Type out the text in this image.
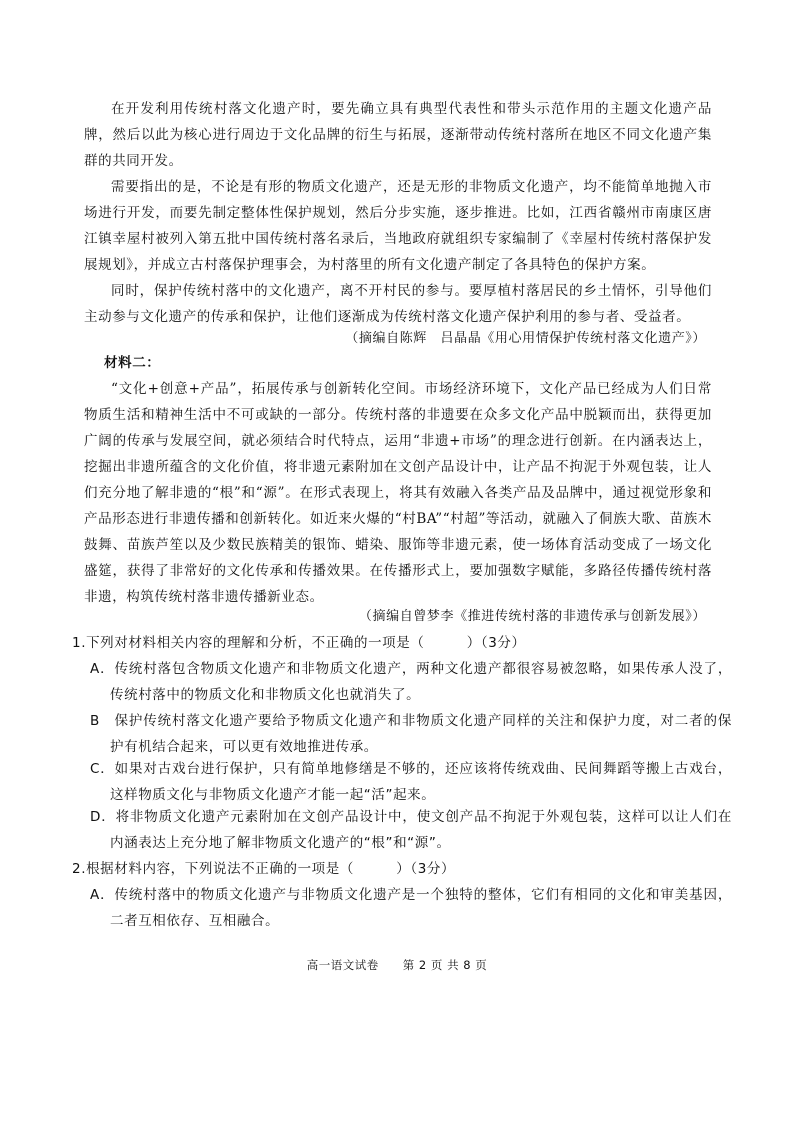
在开发利用传统村落文化遗产时，要先确立具有典型代表性和带头示范作用的主题文化遗产品牌，然后以此为核心进行周边于文化品牌的衍生与拓展，逐渐带动传统村落所在地区不同文化遗产集群的共同开发。
需要指出的是，不论是有形的物质文化遗产，还是无形的非物质文化遗产，均不能简单地抛入市场进行开发，而要先制定整体性保护规划，然后分步实施，逐步推进。比如，江西省赣州市南康区唐江镇幸屋村被列入第五批中国传统村落名录后，当地政府就组织专家编制了《幸屋村传统村落保护发展规划》，并成立古村落保护理事会，为村落里的所有文化遗产制定了各具特色的保护方案。
同时，保护传统村落中的文化遗产，离不开村民的参与。要厚植村落居民的乡土情怀，引导他们主动参与文化遗产的传承和保护，让他们逐渐成为传统村落文化遗产保护利用的参与者、受益者。
（摘编自陈辉　吕晶晶《用心用情保护传统村落文化遗产》）
材料二：
“文化+创意+产品”，拓展传承与创新转化空间。市场经济环境下，文化产品已经成为人们日常物质生活和精神生活中不可或缺的一部分。传统村落的非遗要在众多文化产品中脱颖而出，获得更加广阔的传承与发展空间，就必须结合时代特点，运用“非遗+市场”的理念进行创新。在内涵表达上，挖掘出非遗所蕴含的文化价值，将非遗元素附加在文创产品设计中，让产品不拘泥于外观包装，让人们充分地了解非遗的“根”和“源”。在形式表现上，将其有效融入各类产品及品牌中，通过视觉形象和产品形态进行非遗传播和创新转化。如近来火爆的“村BA”“村超”等活动，就融入了侗族大歌、苗族木鼓舞、苗族芦笙以及少数民族精美的银饰、蜡染、服饰等非遗元素，使一场体育活动变成了一场文化盛筵，获得了非常好的文化传承和传播效果。在传播形式上，要加强数字赋能，多路径传播传统村落非遗，构筑传统村落非遗传播新业态。
（摘编自曾梦李《推进传统村落的非遗传承与创新发展》）
1.下列对材料相关内容的理解和分析，不正确的一项是（　　　）（3分）
A．传统村落包含物质文化遗产和非物质文化遗产，两种文化遗产都很容易被忽略，如果传承人没了，传统村落中的物质文化和非物质文化也就消失了。
B　保护传统村落文化遗产要给予物质文化遗产和非物质文化遗产同样的关注和保护力度，对二者的保护有机结合起来，可以更有效地推进传承。
C．如果对古戏台进行保护，只有简单地修缮是不够的，还应该将传统戏曲、民间舞蹈等搬上古戏台，这样物质文化与非物质文化遗产才能一起“活”起来。
D．将非物质文化遗产元素附加在文创产品设计中，使文创产品不拘泥于外观包装，这样可以让人们在内涵表达上充分地了解非物质文化遗产的“根”和“源”。
2.根据材料内容，下列说法不正确的一项是（　　　）（3分）
A．传统村落中的物质文化遗产与非物质文化遗产是一个独特的整体，它们有相同的文化和审美基因，二者互相依存、互相融合。
高一语文试卷　　第 2 页 共 8 页
